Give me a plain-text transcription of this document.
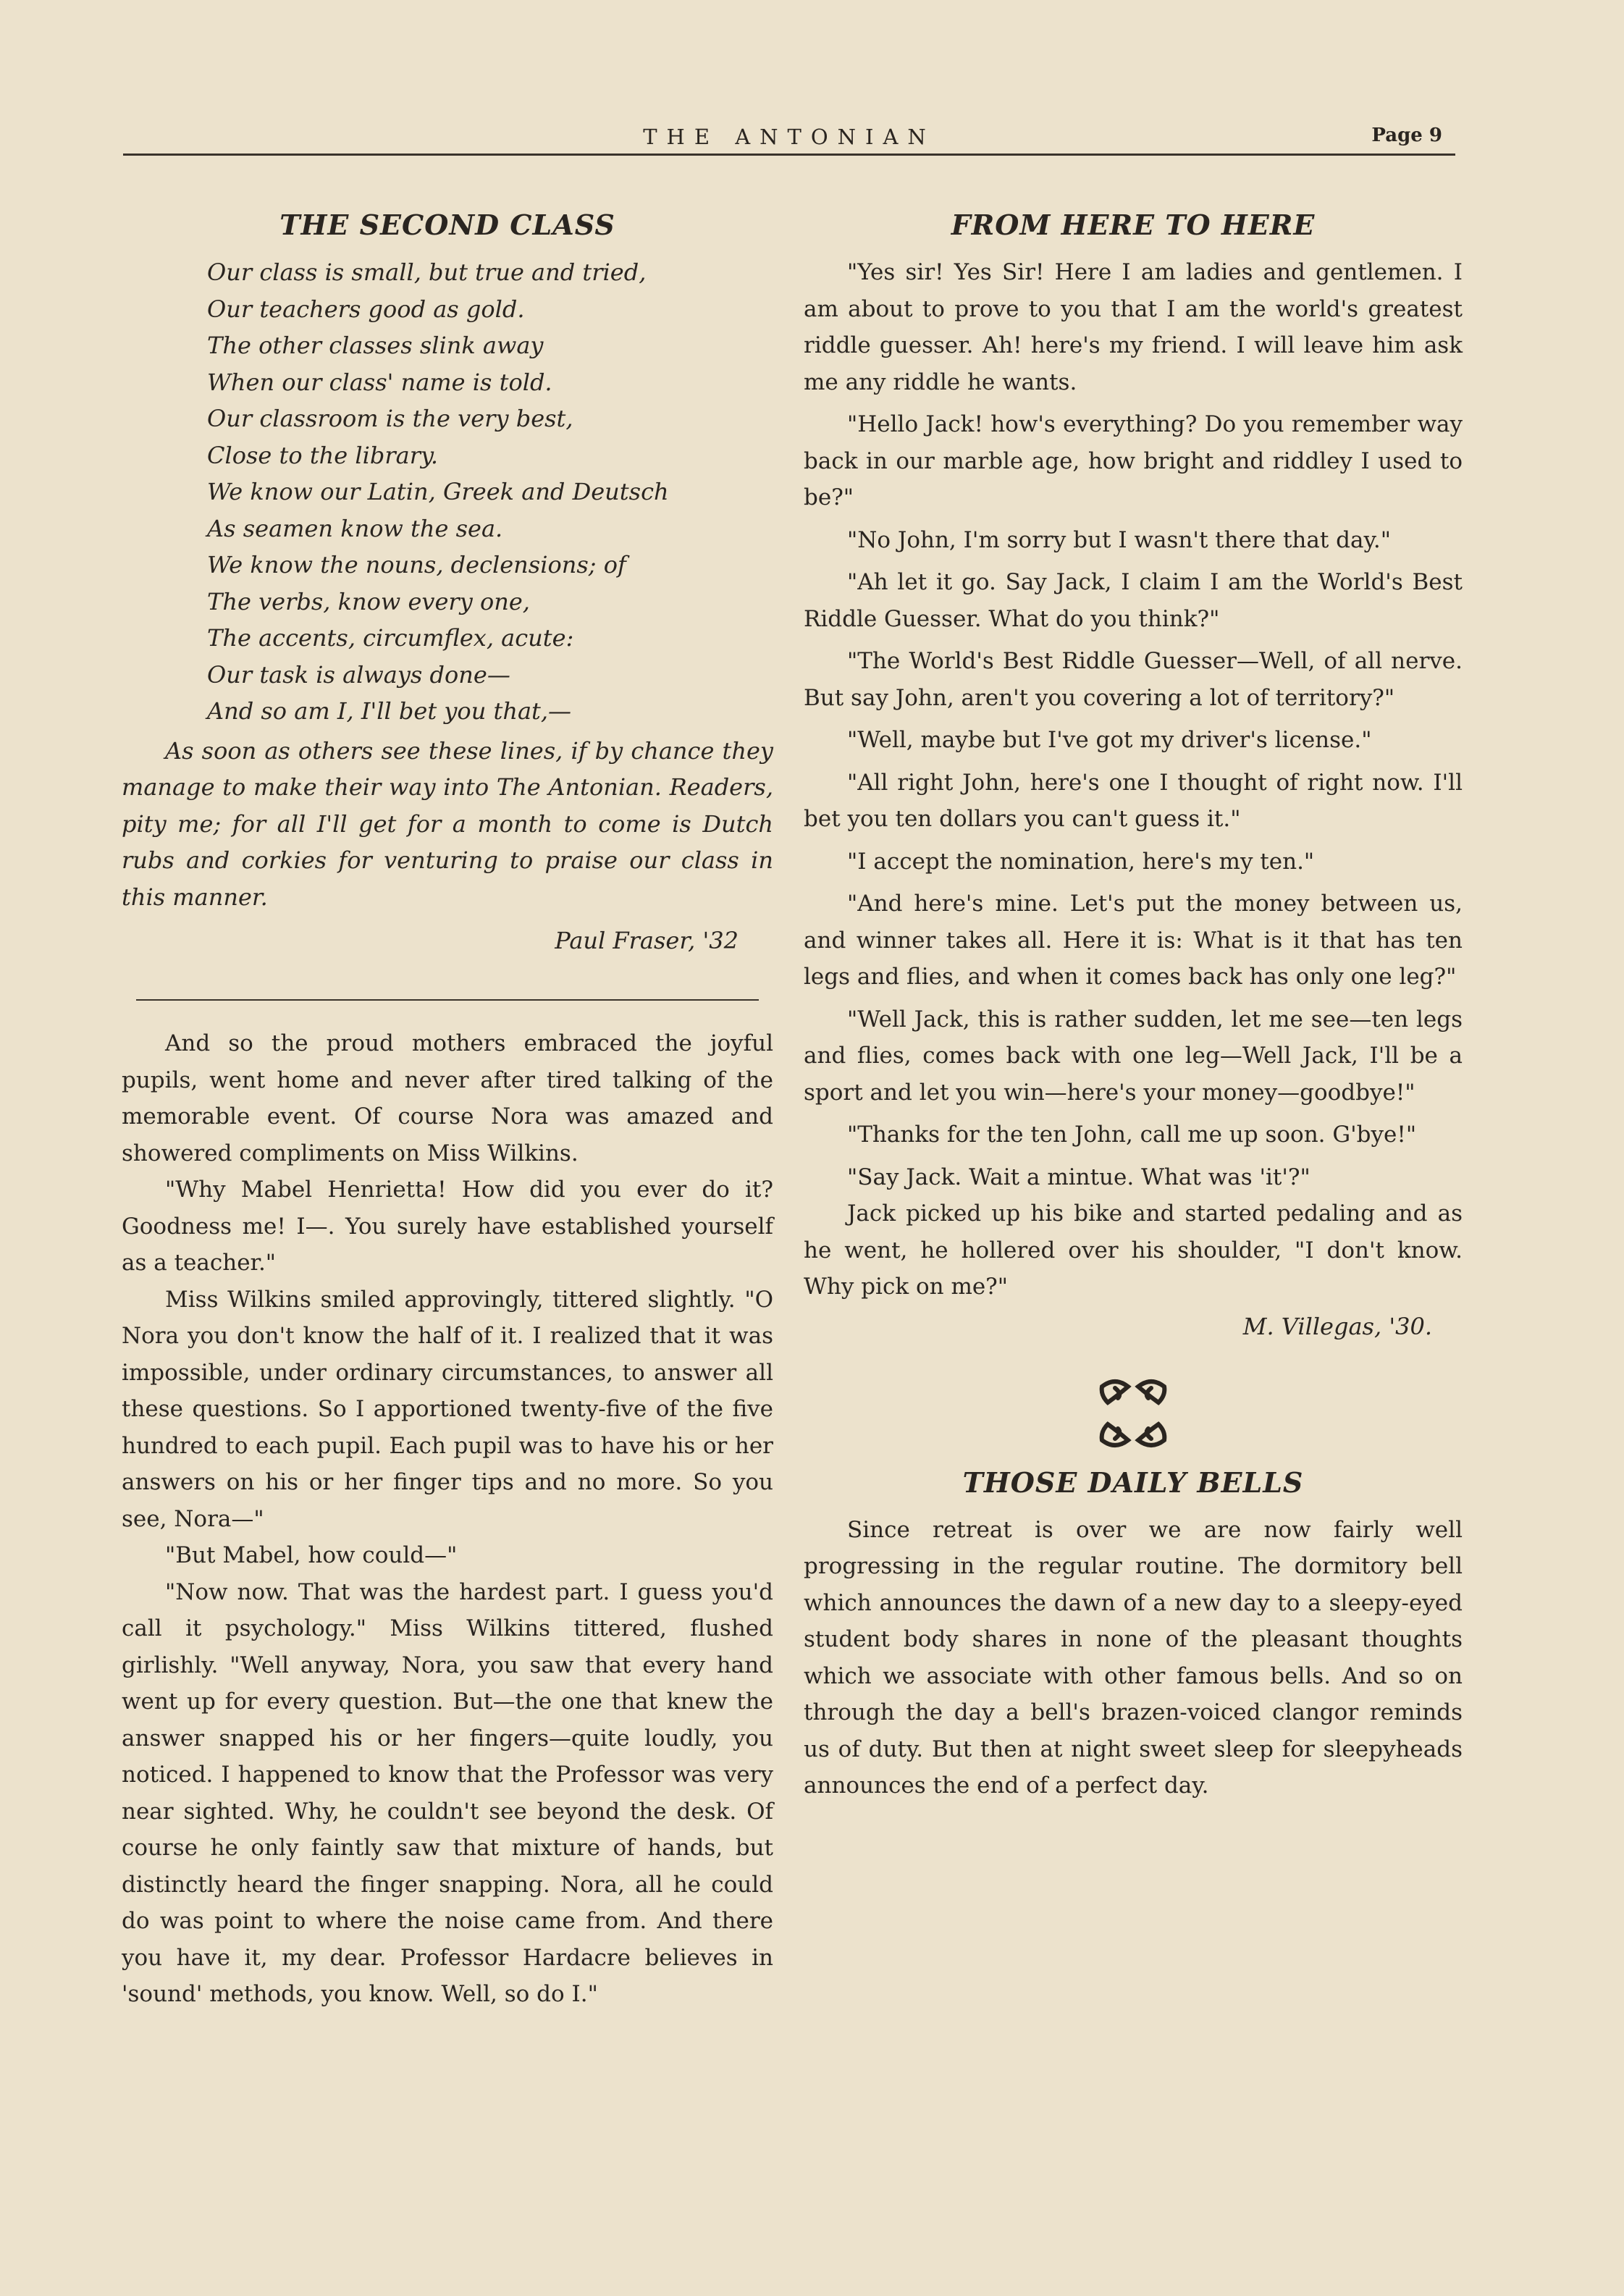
THE ANTONIAN	Page 9
THE SECOND CLASS
Our class is small, but true and tried,
Our teachers good as gold.
The other classes slink away
When our class' name is told.
Our classroom is the very best,
Close to the library.
We know our Latin, Greek and Deutsch
As seamen know the sea.
We know the nouns, declensions; of
The verbs, know every one,
The accents, circumflex, acute:
Our task is always done—
And so am I, I'll bet you that,—
As soon as others see these lines, if by chance they manage to make their way into The Antonian. Readers, pity me; for all I'll get for a month to come is Dutch rubs and corkies for venturing to praise our class in this manner.
Paul Fraser, '32

And so the proud mothers embraced the joyful pupils, went home and never after tired talking of the memorable event. Of course Nora was amazed and showered compliments on Miss Wilkins.

"Why Mabel Henrietta! How did you ever do it? Goodness me! I—. You surely have established yourself as a teacher."

Miss Wilkins smiled approvingly, tittered slightly. "O Nora you don't know the half of it. I realized that it was impossible, under ordinary circumstances, to answer all these questions. So I apportioned twenty-five of the five hundred to each pupil. Each pupil was to have his or her answers on his or her finger tips and no more. So you see, Nora—"

"But Mabel, how could—"

"Now now. That was the hardest part. I guess you'd call it psychology." Miss Wilkins tittered, flushed girlishly. "Well anyway, Nora, you saw that every hand went up for every question. But—the one that knew the answer snapped his or her fingers—quite loudly, you noticed. I happened to know that the Professor was very near sighted. Why, he couldn't see beyond the desk. Of course he only faintly saw that mixture of hands, but distinctly heard the finger snapping. Nora, all he could do was point to where the noise came from. And there you have it, my dear. Professor Hardacre believes in 'sound' methods, you know. Well, so do I."

FROM HERE TO HERE

"Yes sir! Yes Sir! Here I am ladies and gentlemen. I am about to prove to you that I am the world's greatest riddle guesser. Ah! here's my friend. I will leave him ask me any riddle he wants.

"Hello Jack! how's everything? Do you remember way back in our marble age, how bright and riddley I used to be?"

"No John, I'm sorry but I wasn't there that day."

"Ah let it go. Say Jack, I claim I am the World's Best Riddle Guesser. What do you think?"

"The World's Best Riddle Guesser—Well, of all nerve. But say John, aren't you covering a lot of territory?"

"Well, maybe but I've got my driver's license."

"All right John, here's one I thought of right now. I'll bet you ten dollars you can't guess it."

"I accept the nomination, here's my ten."

"And here's mine. Let's put the money between us, and winner takes all. Here it is: What is it that has ten legs and flies, and when it comes back has only one leg?"

"Well Jack, this is rather sudden, let me see—ten legs and flies, comes back with one leg—Well Jack, I'll be a sport and let you win—here's your money—goodbye!"

"Thanks for the ten John, call me up soon. G'bye!"

"Say Jack. Wait a mintue. What was 'it'?"

Jack picked up his bike and started pedaling and as he went, he hollered over his shoulder, "I don't know. Why pick on me?"

M. Villegas, '30.
THOSE DAILY BELLS

Since retreat is over we are now fairly well progressing in the regular routine. The dormitory bell which announces the dawn of a new day to a sleepy-eyed student body shares in none of the pleasant thoughts which we associate with other famous bells. And so on through the day a bell's brazen-voiced clangor reminds us of duty. But then at night sweet sleep for sleepyheads announces the end of a perfect day.
